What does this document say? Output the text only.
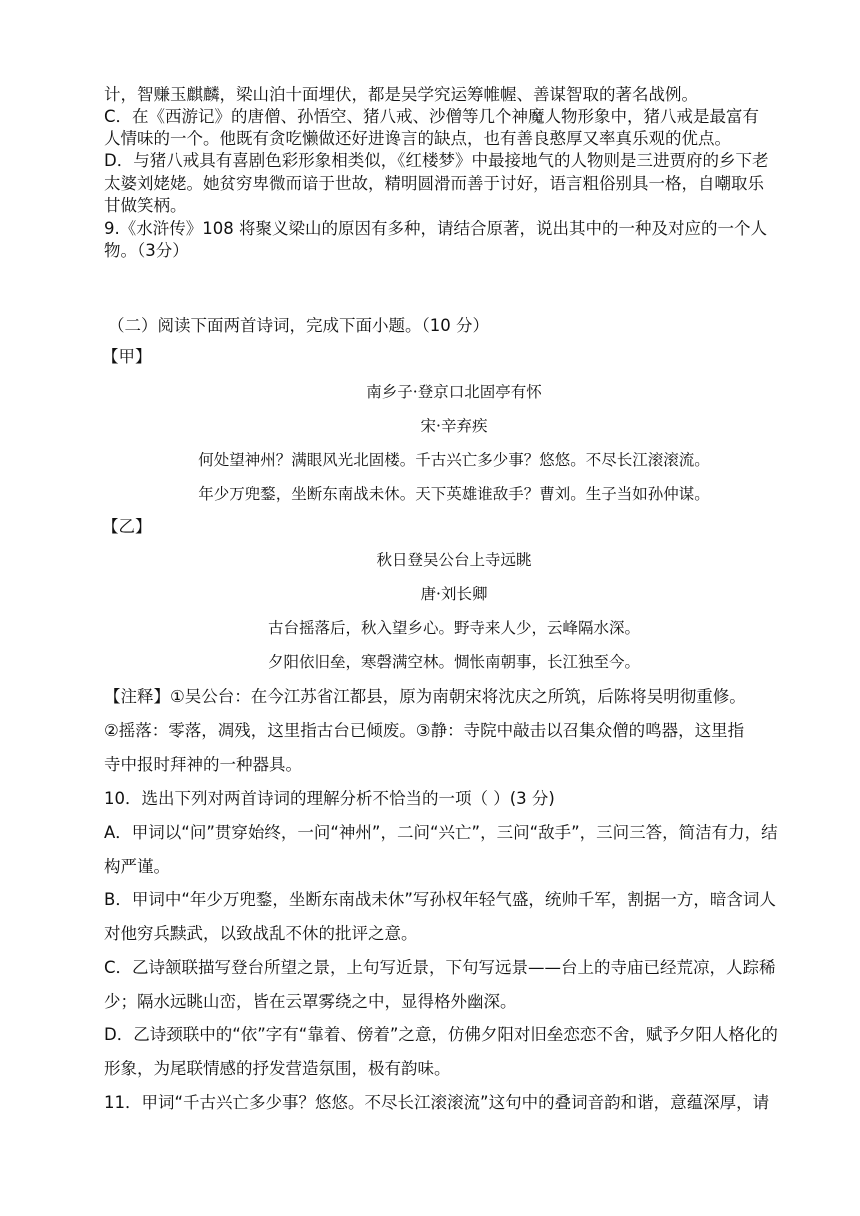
计，智赚玉麒麟，梁山泊十面埋伏，都是吴学究运筹帷幄、善谋智取的著名战例。
C．在《西游记》的唐僧、孙悟空、猪八戒、沙僧等几个神魔人物形象中，猪八戒是最富有
人情味的一个。他既有贪吃懒做还好进谗言的缺点，也有善良憨厚又率真乐观的优点。
D．与猪八戒具有喜剧色彩形象相类似，《红楼梦》中最接地气的人物则是三进贾府的乡下老
太婆刘姥姥。她贫穷卑微而谙于世故，精明圆滑而善于讨好，语言粗俗别具一格，自嘲取乐
甘做笑柄。
9.《水浒传》108 将聚义梁山的原因有多种，请结合原著，说出其中的一种及对应的一个人
物。（3分）
（二）阅读下面两首诗词，完成下面小题。（10 分）
【甲】
南乡子·登京口北固亭有怀
宋·辛弃疾
何处望神州？满眼风光北固楼。千古兴亡多少事？悠悠。不尽长江滚滚流。
年少万兜鍪，坐断东南战未休。天下英雄谁敌手？曹刘。生子当如孙仲谋。
【乙】
秋日登吴公台上寺远眺
唐·刘长卿
古台摇落后，秋入望乡心。野寺来人少，云峰隔水深。
夕阳依旧垒，寒磬满空林。惆怅南朝事，长江独至今。
【注释】①吴公台：在今江苏省江都县，原为南朝宋将沈庆之所筑，后陈将吴明彻重修。
②摇落：零落，凋残，这里指古台已倾废。③静：寺院中敲击以召集众僧的鸣器，这里指
寺中报时拜神的一种器具。
10．选出下列对两首诗词的理解分析不恰当的一项（ ）(3 分)
A．甲词以“问”贯穿始终，一问“神州”，二问“兴亡”，三问“敌手”，三问三答，简洁有力，结
构严谨。
B．甲词中“年少万兜鍪，坐断东南战未休”写孙权年轻气盛，统帅千军，割据一方，暗含词人
对他穷兵黩武，以致战乱不休的批评之意。
C．乙诗颔联描写登台所望之景，上句写近景，下句写远景——台上的寺庙已经荒凉，人踪稀
少；隔水远眺山峦，皆在云罩雾绕之中，显得格外幽深。
D．乙诗颈联中的“依”字有“靠着、傍着”之意，仿佛夕阳对旧垒恋恋不舍，赋予夕阳人格化的
形象，为尾联情感的抒发营造氛围，极有韵味。
11．甲词“千古兴亡多少事？悠悠。不尽长江滚滚流”这句中的叠词音韵和谐，意蕴深厚，请
